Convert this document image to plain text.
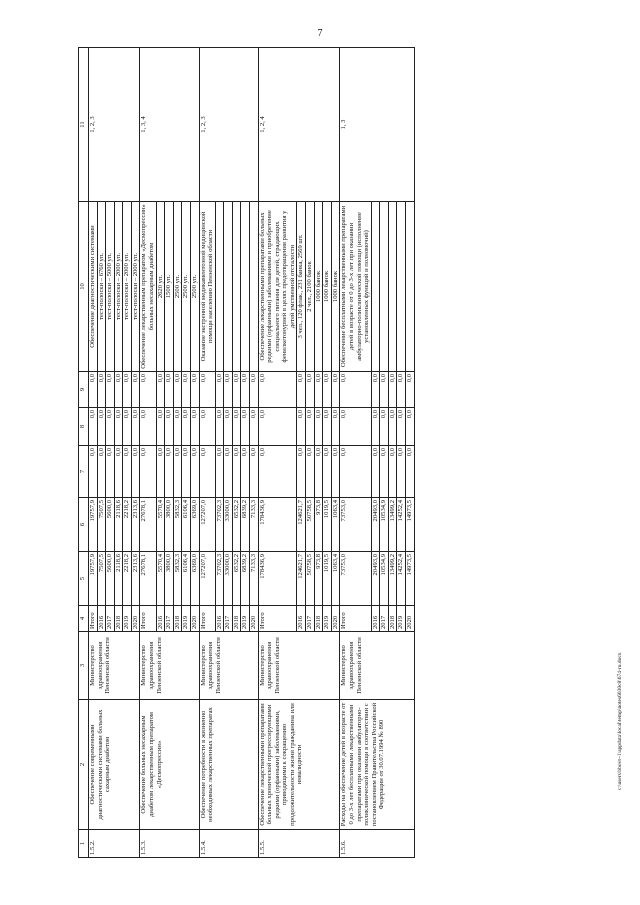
7
1	2	3	4	5	6	7	8	9	10	11
1.5.2.	Обеспечение современными диагностическими системами больных сахарным диабетом	Министерство здравоохранения Пензенской области	Итого	19757,9	19757,9	0,0	0,0	0,0	Обеспечение диагностическими системами	1, 2, 3
			2016	7507,5	7507,5	0,0	0,0	0,0	тест-полоски – 6760 уп.	
			2017	5600,0	5600,0	0,0	0,0	0,0	тест-полоски – 5000 уп.	
			2018	2118,6	2118,6	0,0	0,0	0,0	тест-полоски – 2000 уп.	
			2019	2218,2	2218,2	0,0	0,0	0,0	тест-полоски – 2000 уп.	
			2020	2313,6	2313,6	0,0	0,0	0,0	тест-полоски – 2000 уп.	
1.5.3.	Обеспечение больных несахарным диабетом лекарственным препаратом «Десмопрессин»	Министерство здравоохранения Пензенской области	Итого	27678,1	27678,1	0,0	0,0	0,0	Обеспечение лекарственным препаратом «Десмопрессин» больных несахарным диабетом	1, 3, 4
			2016	5570,4	5570,4	0,0	0,0	0,0	2620 уп.	
			2017	3800,0	3800,0	0,0	0,0	0,0	1500 уп.	
			2018	5832,3	5832,3	0,0	0,0	0,0	2500 уп.	
			2019	6106,4	6106,4	0,0	0,0	0,0	2500 уп.	
			2020	6369,0	6369,0	0,0	0,0	0,0	2500 уп.	
1.5.4.	Обеспечение потребности в жизненно необходимых лекарственных препаратах	Министерство здравоохранения Пензенской области	Итого	127207,0	127207,0	0,0	0,0	0,0	Оказание экстренной медикаментозной медицинской помощи населению Пензенской области	1, 2, 3
			2016	73702,3	73702,3	0,0	0,0	0,0		
			2017	33000,0	33000,0	0,0	0,0	0,0		
			2018	6532,2	6532,2	0,0	0,0	0,0		
			2019	6839,2	6839,2	0,0	0,0	0,0		
			2020	7133,3	7133,3	0,0	0,0	0,0		
1.5.5.	Обеспечение лекарственными препаратами больных хронической прогрессирующими редкими (орфанными) заболеваниями, приводящими к сокращению продолжительности жизни гражданина или инвалидности	Министерство здравоохранения Пензенской области	Итого	178436,9	178436,9	0,0	0,0	0,0	Обеспечение лекарственными препаратами больных редкими (орфанными) заболеваниями и приобретение специального питания для детей, страдающих фенилкетонурией в целях предотвращения развития у детей умственной отсталости	1, 2, 4
			2016	124621,7	124621,7	0,0	0,0	0,0	3 чел., 120 флак., 231 банка, 2569 шт.	
			2017	50758,5	50758,5	0,0	0,0	0,0	2 чел., 2100 банок	
			2018	973,8	973,8	0,0	0,0	0,0	1000 банок	
			2019	1019,5	1019,5	0,0	0,0	0,0	1000 банок	
			2020	1063,4	1063,4	0,0	0,0	0,0	1000 банок	
1.5.6.	Расходы на обеспечение детей в возрасте от 0 до 3-х лет бесплатными лекарственными препаратами при оказании амбулаторно-поликлинической помощи в соответствии с постановлением Правительства Российской Федерации от 30.07.1994 № 890	Министерство здравоохранения Пензенской области	Итого	73753,0	73753,0	0,0	0,0	0,0	Обеспечение бесплатными лекарственными препаратами детей в возрасте от 0 до 3-х лет при оказании амбулаторно-поликлинической помощи (исполнение установленных функций и полномочий)	1, 3
			2016	20493,0	20493,0	0,0	0,0	0,0		
			2017	10534,9	10534,9	0,0	0,0	0,0		
			2018	13499,2	13499,2	0,0	0,0	0,0		
			2019	14252,4	14252,4	0,0	0,0	0,0		
			2020	14973,5	14973,5	0,0	0,0	0,0		
c:\users\bbovt~1\appdata\local\temp\notes6030c8\674-ru.docx
